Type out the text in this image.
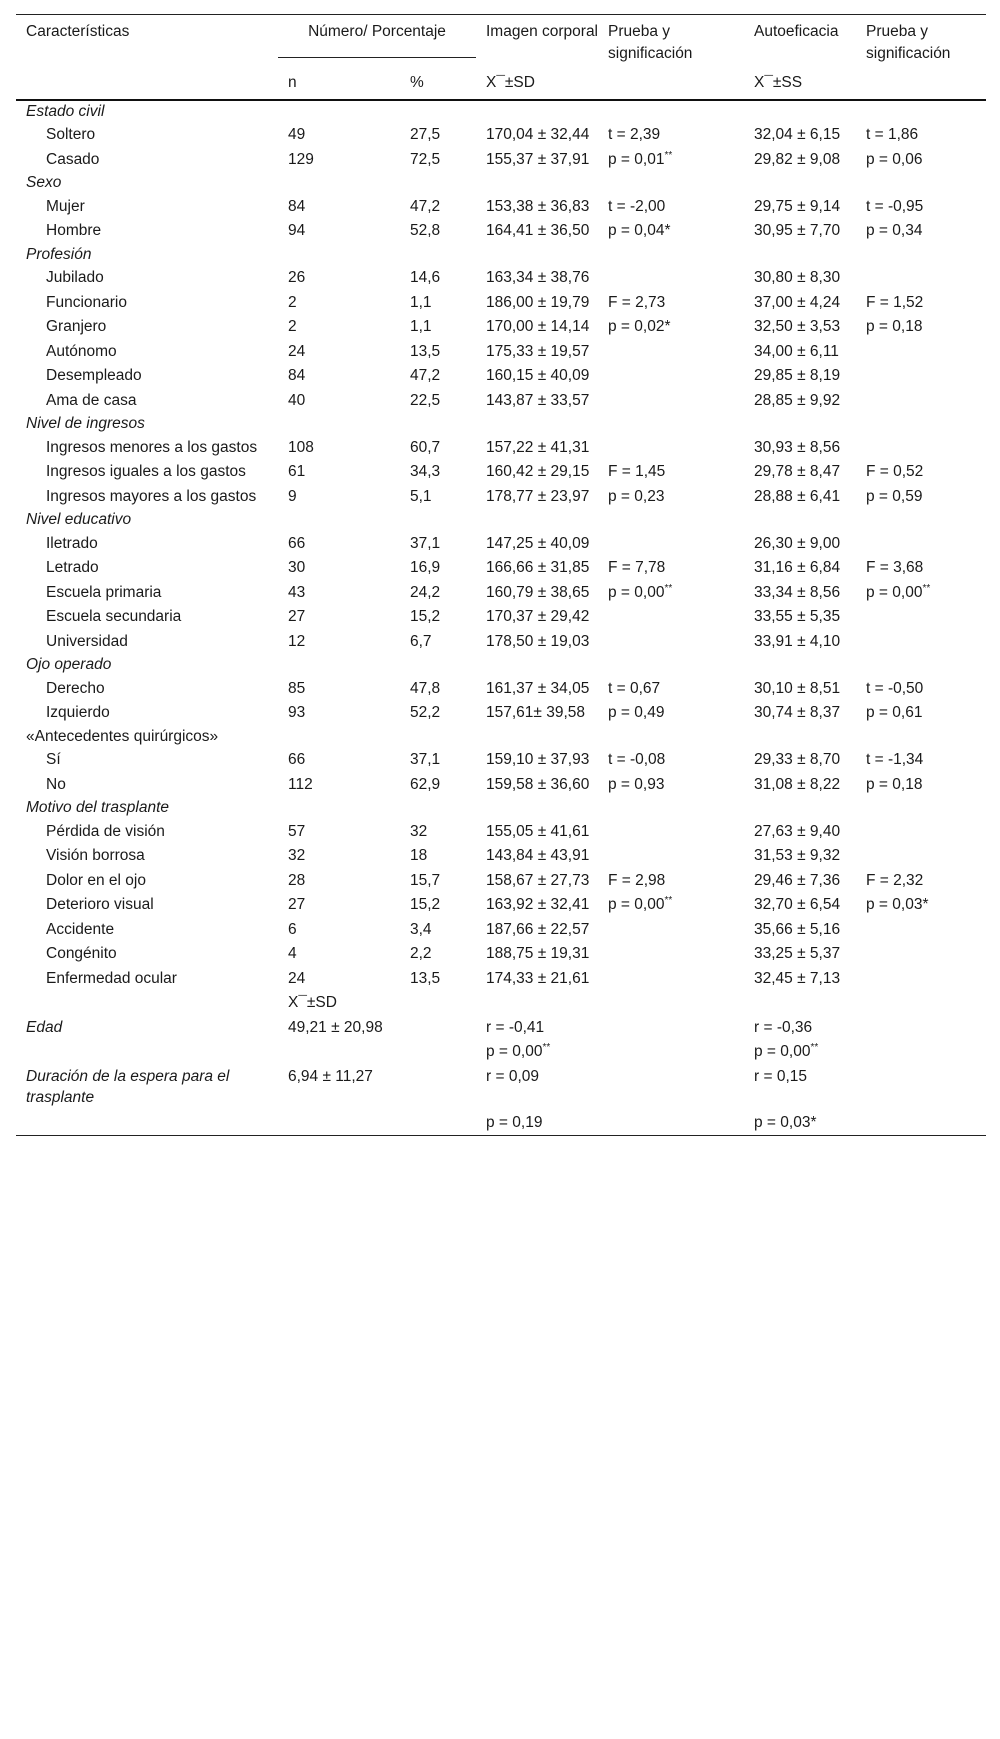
Características	Número/ Porcentaje		Imagen corporal	Prueba y significación	Autoeficacia	Prueba y significación
	n	%	X¯±SD		X¯±SS	
Estado civil						

Soltero	49	27,5	170,04 ± 32,44	t = 2,39	32,04 ± 6,15	t = 1,86

Casado	129	72,5	155,37 ± 37,91	p = 0,01**	29,82 ± 9,08	p = 0,06
Sexo						

Mujer	84	47,2	153,38 ± 36,83	t = -2,00	29,75 ± 9,14	t = -0,95

Hombre	94	52,8	164,41 ± 36,50	p = 0,04*	30,95 ± 7,70	p = 0,34
Profesión						

Jubilado	26	14,6	163,34 ± 38,76		30,80 ± 8,30	

Funcionario	2	1,1	186,00 ± 19,79	F = 2,73	37,00 ± 4,24	F = 1,52

Granjero	2	1,1	170,00 ± 14,14	p = 0,02*	32,50 ± 3,53	p = 0,18

Autónomo	24	13,5	175,33 ± 19,57		34,00 ± 6,11	

Desempleado	84	47,2	160,15 ± 40,09		29,85 ± 8,19	

Ama de casa	40	22,5	143,87 ± 33,57		28,85 ± 9,92	
Nivel de ingresos						

Ingresos menores a los gastos	108	60,7	157,22 ± 41,31		30,93 ± 8,56	

Ingresos iguales a los gastos	61	34,3	160,42 ± 29,15	F = 1,45	29,78 ± 8,47	F = 0,52

Ingresos mayores a los gastos	9	5,1	178,77 ± 23,97	p = 0,23	28,88 ± 6,41	p = 0,59
Nivel educativo						

Iletrado	66	37,1	147,25 ± 40,09		26,30 ± 9,00	

Letrado	30	16,9	166,66 ± 31,85	F = 7,78	31,16 ± 6,84	F = 3,68

Escuela primaria	43	24,2	160,79 ± 38,65	p = 0,00**	33,34 ± 8,56	p = 0,00**

Escuela secundaria	27	15,2	170,37 ± 29,42		33,55 ± 5,35	

Universidad	12	6,7	178,50 ± 19,03		33,91 ± 4,10	
Ojo operado						

Derecho	85	47,8	161,37 ± 34,05	t = 0,67	30,10 ± 8,51	t = -0,50

Izquierdo	93	52,2	157,61± 39,58	p = 0,49	30,74 ± 8,37	p = 0,61
«Antecedentes quirúrgicos»						

Sí	66	37,1	159,10 ± 37,93	t = -0,08	29,33 ± 8,70	t = -1,34

No	112	62,9	159,58 ± 36,60	p = 0,93	31,08 ± 8,22	p = 0,18
Motivo del trasplante						

Pérdida de visión	57	32	155,05 ± 41,61		27,63 ± 9,40	

Visión borrosa	32	18	143,84 ± 43,91		31,53 ± 9,32	

Dolor en el ojo	28	15,7	158,67 ± 27,73	F = 2,98	29,46 ± 7,36	F = 2,32

Deterioro visual	27	15,2	163,92 ± 32,41	p = 0,00**	32,70 ± 6,54	p = 0,03*

Accidente	6	3,4	187,66 ± 22,57		35,66 ± 5,16	

Congénito	4	2,2	188,75 ± 19,31		33,25 ± 5,37	

Enfermedad ocular	24	13,5	174,33 ± 21,61		32,45 ± 7,13	
	X¯±SD					
Edad	49,21 ± 20,98		r = -0,41		r = -0,36	
			p = 0,00**		p = 0,00**	
Duración de la espera para el trasplante	6,94 ± 11,27		r = 0,09		r = 0,15	
			p = 0,19		p = 0,03*	
